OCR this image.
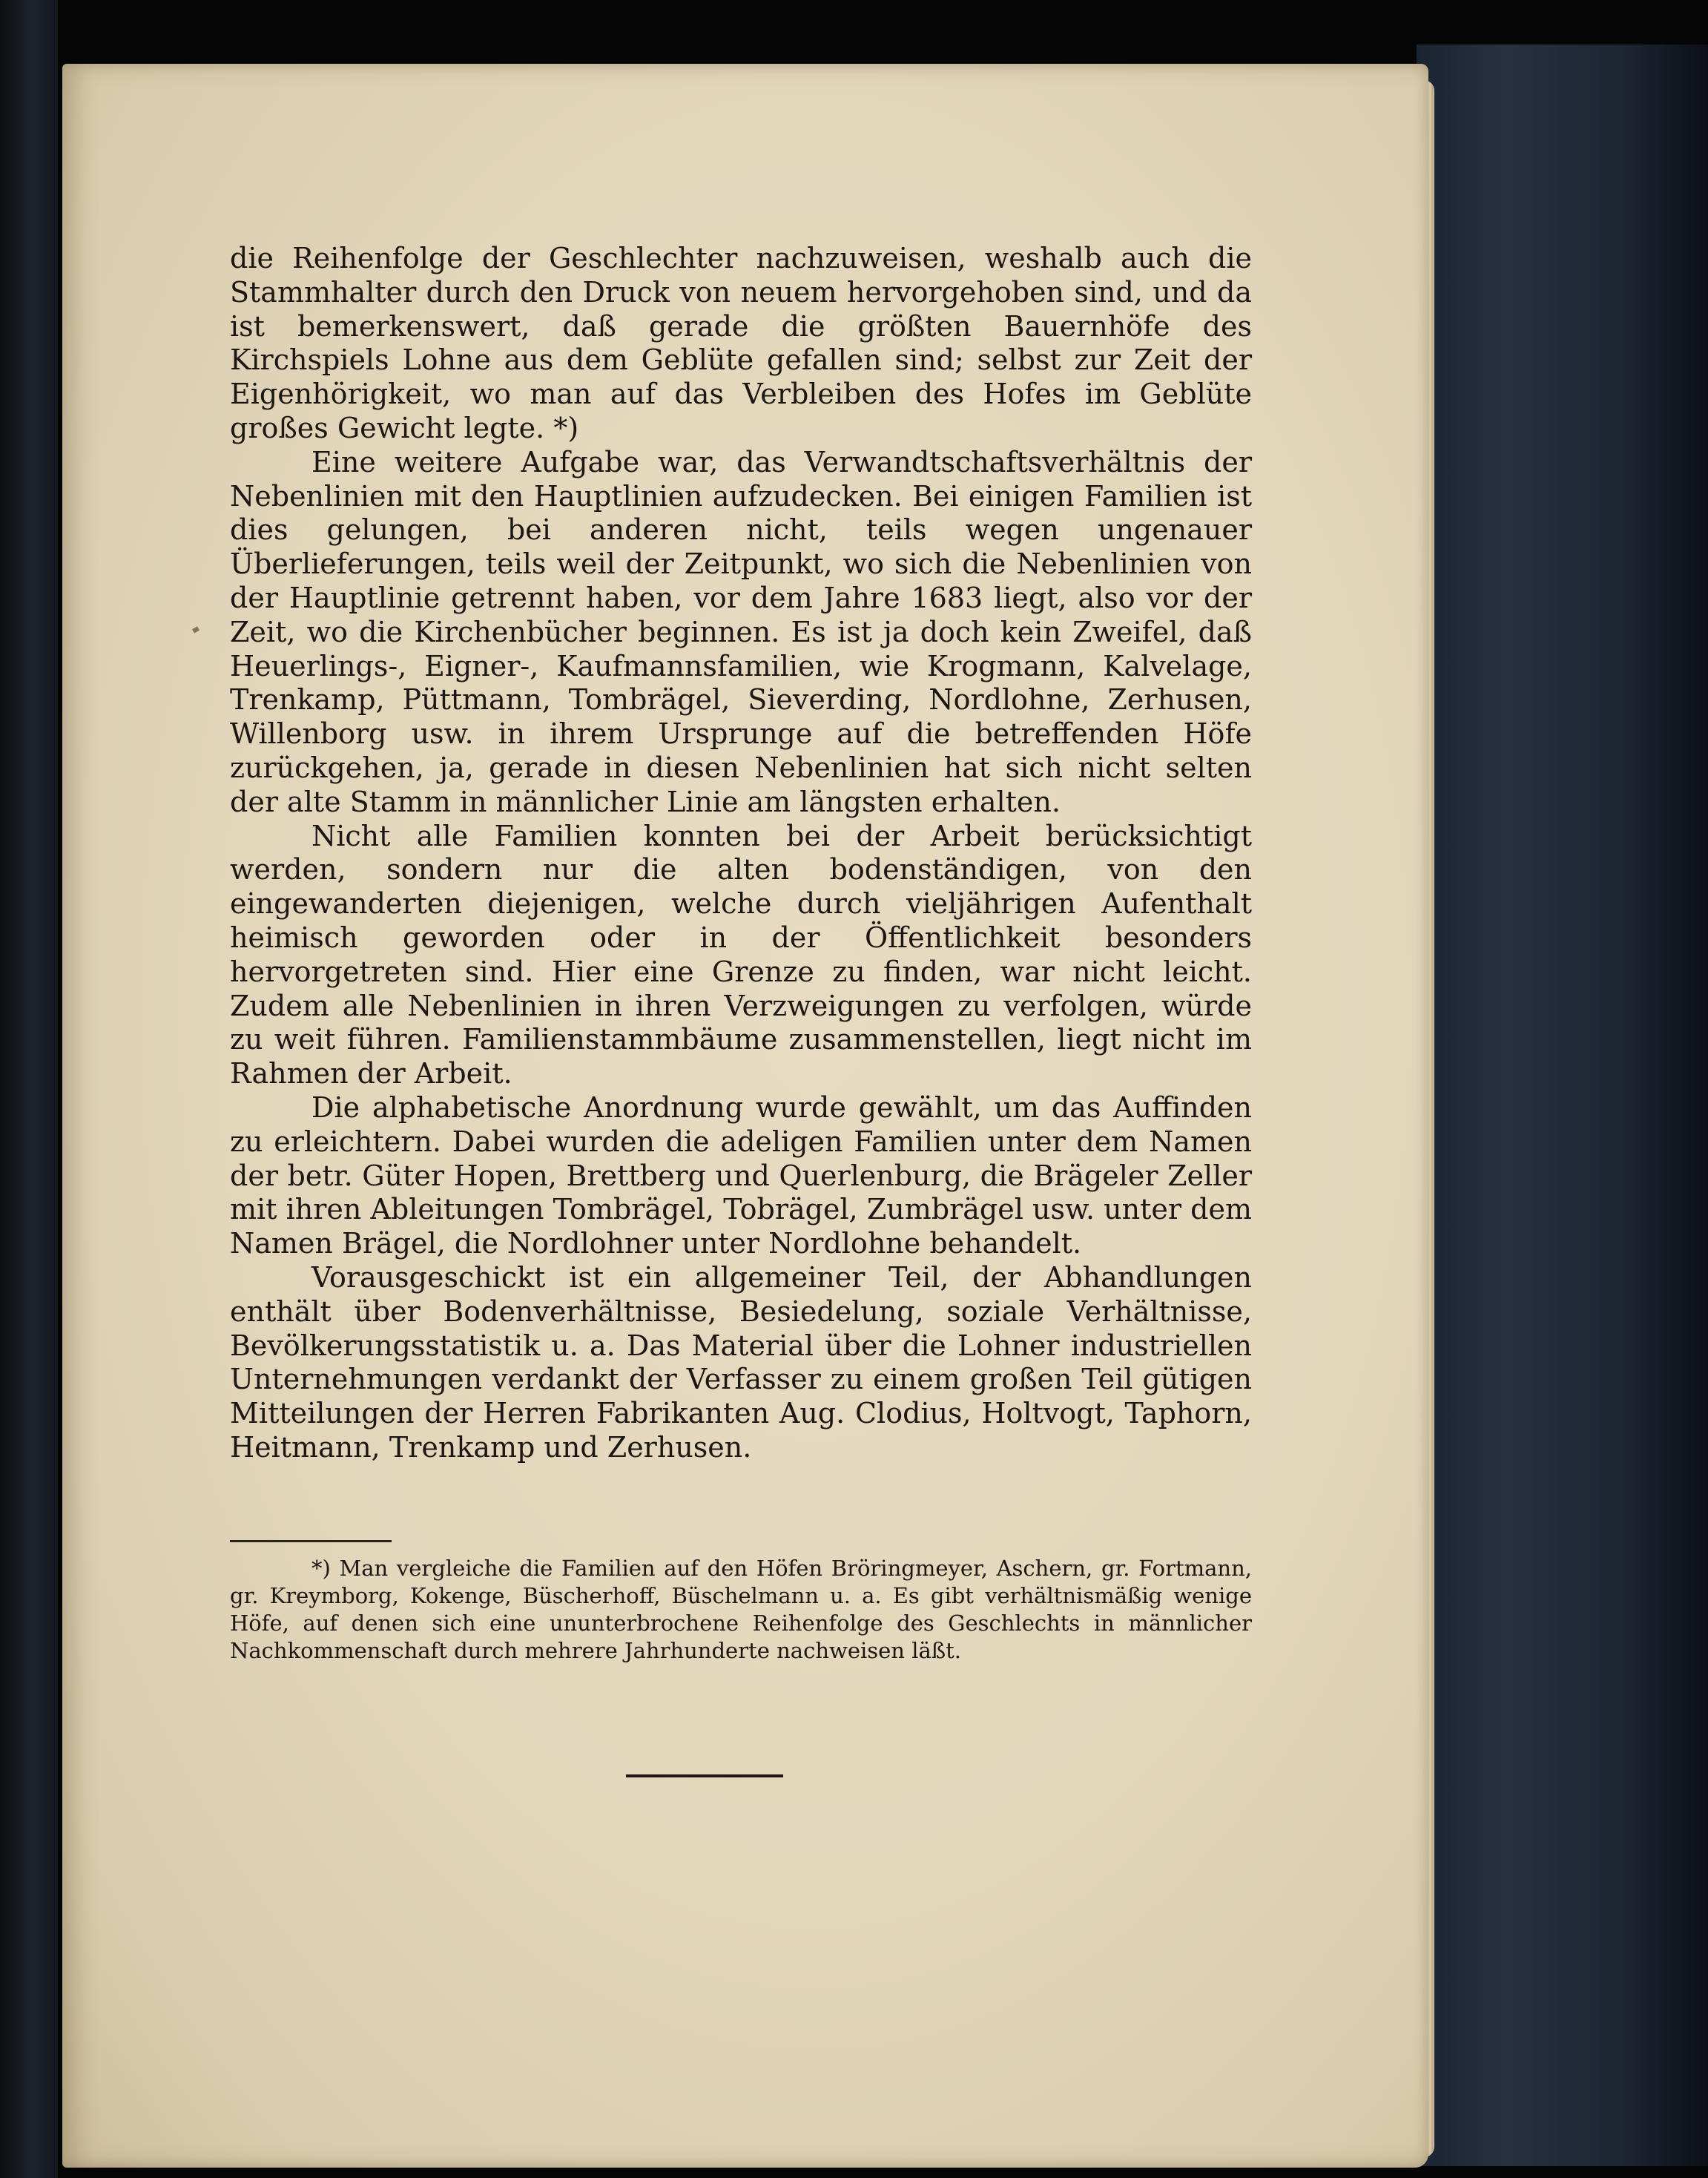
die Reihenfolge der Geschlechter nachzuweisen, weshalb auch die Stammhalter durch den Druck von neuem hervorgehoben sind, und da ist bemerkenswert, daß gerade die größten Bauernhöfe des Kirchspiels Lohne aus dem Geblüte gefallen sind; selbst zur Zeit der Eigenhörigkeit, wo man auf das Verbleiben des Hofes im Geblüte großes Gewicht legte. *)

Eine weitere Aufgabe war, das Verwandtschaftsverhältnis der Nebenlinien mit den Hauptlinien aufzudecken. Bei einigen Familien ist dies gelungen, bei anderen nicht, teils wegen ungenauer Überlieferungen, teils weil der Zeitpunkt, wo sich die Nebenlinien von der Hauptlinie getrennt haben, vor dem Jahre 1683 liegt, also vor der Zeit, wo die Kirchenbücher beginnen. Es ist ja doch kein Zweifel, daß Heuerlings-, Eigner-, Kaufmannsfamilien, wie Krogmann, Kalvelage, Trenkamp, Püttmann, Tombrägel, Sieverding, Nordlohne, Zerhusen, Willenborg usw. in ihrem Ursprunge auf die betreffenden Höfe zurückgehen, ja, gerade in diesen Nebenlinien hat sich nicht selten der alte Stamm in männlicher Linie am längsten erhalten.

Nicht alle Familien konnten bei der Arbeit berücksichtigt werden, sondern nur die alten bodenständigen, von den eingewanderten diejenigen, welche durch vieljährigen Aufenthalt heimisch geworden oder in der Öffentlichkeit besonders hervorgetreten sind. Hier eine Grenze zu finden, war nicht leicht. Zudem alle Nebenlinien in ihren Verzweigungen zu verfolgen, würde zu weit führen. Familienstammbäume zusammenstellen, liegt nicht im Rahmen der Arbeit.

Die alphabetische Anordnung wurde gewählt, um das Auffinden zu erleichtern. Dabei wurden die adeligen Familien unter dem Namen der betr. Güter Hopen, Brettberg und Querlenburg, die Brägeler Zeller mit ihren Ableitungen Tombrägel, Tobrägel, Zumbrägel usw. unter dem Namen Brägel, die Nordlohner unter Nordlohne behandelt.

Vorausgeschickt ist ein allgemeiner Teil, der Abhandlungen enthält über Bodenverhältnisse, Besiedelung, soziale Verhältnisse, Bevölkerungsstatistik u. a. Das Material über die Lohner industriellen Unternehmungen verdankt der Verfasser zu einem großen Teil gütigen Mitteilungen der Herren Fabrikanten Aug. Clodius, Holtvogt, Taphorn, Heitmann, Trenkamp und Zerhusen.

*) Man vergleiche die Familien auf den Höfen Bröringmeyer, Aschern, gr. Fortmann, gr. Kreymborg, Kokenge, Büscherhoff, Büschelmann u. a. Es gibt verhältnismäßig wenige Höfe, auf denen sich eine ununterbrochene Reihenfolge des Geschlechts in männlicher Nachkommenschaft durch mehrere Jahrhunderte nachweisen läßt.
